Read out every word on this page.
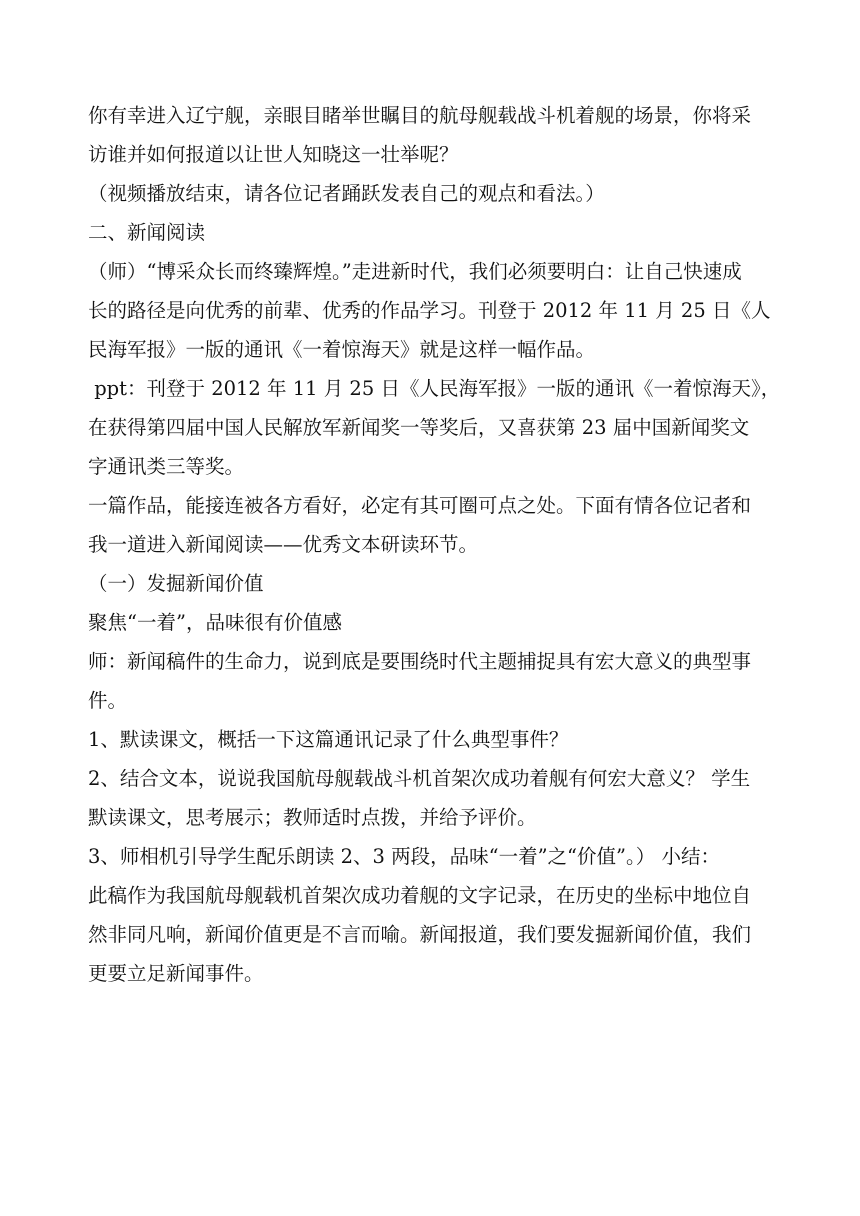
你有幸进入辽宁舰，亲眼目睹举世瞩目的航母舰载战斗机着舰的场景，你将采
访谁并如何报道以让世人知晓这一壮举呢？
（视频播放结束，请各位记者踊跃发表自己的观点和看法。）
二、新闻阅读
（师）“博采众长而终臻辉煌。”走进新时代，我们必须要明白：让自己快速成
长的路径是向优秀的前辈、优秀的作品学习。刊登于 2012 年 11 月 25 日《人
民海军报》一版的通讯《一着惊海天》就是这样一幅作品。
ppt：刊登于 2012 年 11 月 25 日《人民海军报》一版的通讯《一着惊海天》，
在获得第四届中国人民解放军新闻奖一等奖后，又喜获第 23 届中国新闻奖文
字通讯类三等奖。
一篇作品，能接连被各方看好，必定有其可圈可点之处。下面有情各位记者和
我一道进入新闻阅读——优秀文本研读环节。
（一）发掘新闻价值
聚焦“一着”，品味很有价值感
师：新闻稿件的生命力，说到底是要围绕时代主题捕捉具有宏大意义的典型事
件。
1、默读课文，概括一下这篇通讯记录了什么典型事件？
2、结合文本，说说我国航母舰载战斗机首架次成功着舰有何宏大意义？ 学生
默读课文，思考展示；教师适时点拨，并给予评价。
3、师相机引导学生配乐朗读 2、3 两段，品味“一着”之“价值”。） 小结：
此稿作为我国航母舰载机首架次成功着舰的文字记录，在历史的坐标中地位自
然非同凡响，新闻价值更是不言而喻。新闻报道，我们要发掘新闻价值，我们
更要立足新闻事件。
